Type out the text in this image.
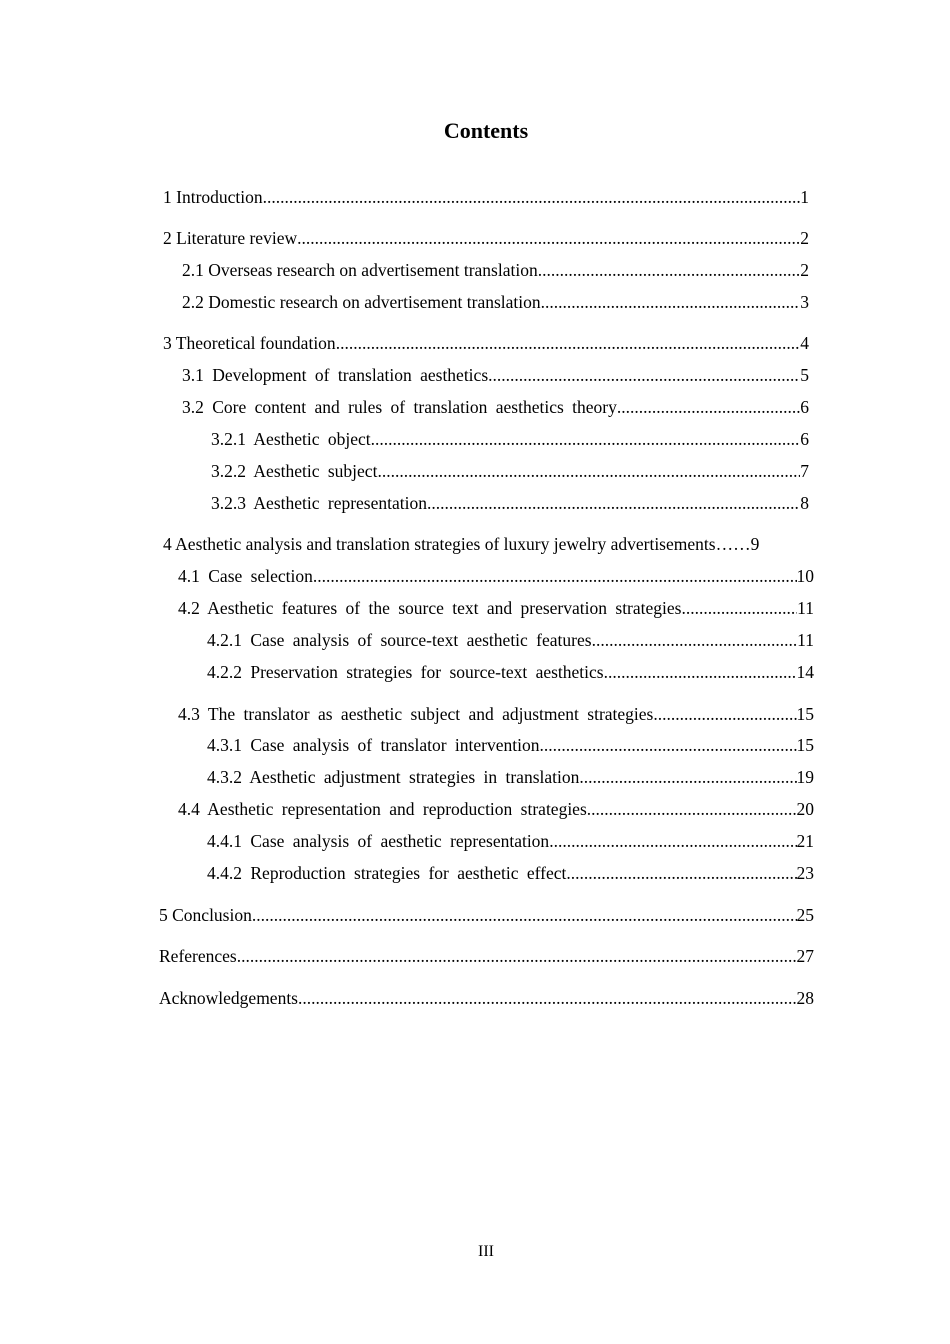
Contents
1 Introduction .....	1
2 Literature review .....	2
2.1 Overseas research on advertisement translation .....	2
2.2 Domestic research on advertisement translation .....	3
3 Theoretical foundation .....	4
3.1 Development of translation aesthetics .....	5
3.2 Core content and rules of translation aesthetics theory .....	6
3.2.1 Aesthetic object .....	6
3.2.2 Aesthetic subject .....	7
3.2.3 Aesthetic representation .....	8
4 Aesthetic analysis and translation strategies of luxury jewelry advertisements ……9
4.1 Case selection .....	10
4.2 Aesthetic features of the source text and preservation strategies .....	11
4.2.1 Case analysis of source-text aesthetic features .....	11
4.2.2 Preservation strategies for source-text aesthetics .....	14
4.3 The translator as aesthetic subject and adjustment strategies .....	15
4.3.1 Case analysis of translator intervention .....	15
4.3.2 Aesthetic adjustment strategies in translation .....	19
4.4 Aesthetic representation and reproduction strategies .....	20
4.4.1 Case analysis of aesthetic representation .....	21
4.4.2 Reproduction strategies for aesthetic effect .....	23
5 Conclusion .....	25
References .....	27
Acknowledgements .....	28
III
